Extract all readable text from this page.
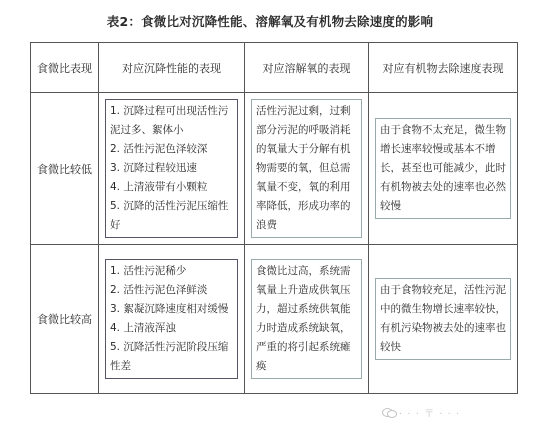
表2：食微比对沉降性能、溶解氧及有机物去除速度的影响
食微比表现	对应沉降性能的表现	对应溶解氧的表现	对应有机物去除速度表现
食微比较低	1. 沉降过程可出现活性污泥过多、絮体小
2. 活性污泥色泽较深
3. 沉降过程较迅速
4. 上清液带有小颗粒
5. 沉降的活性污泥压缩性好	活性污泥过剩，过剩部分污泥的呼吸消耗的氧量大于分解有机物需要的氧，但总需氧量不变，氧的利用率降低，形成功率的浪费	由于食物不太充足，微生物增长速率较慢或基本不增长，甚至也可能减少，此时有机物被去处的速率也必然较慢

食微比较高	1. 活性污泥稀少
2. 活性污泥色泽鲜淡
3. 絮凝沉降速度相对缓慢
4. 上清液浑浊
5. 沉降活性污泥阶段压缩性差	食微比过高，系统需氧量上升造成供氧压力，超过系统供氧能力时造成系统缺氧，严重的将引起系统瘫痪	由于食物较充足，活性污泥中的微生物增长速率较快，有机污染物被去处的速率也较快
· · · 〒 · · ·
